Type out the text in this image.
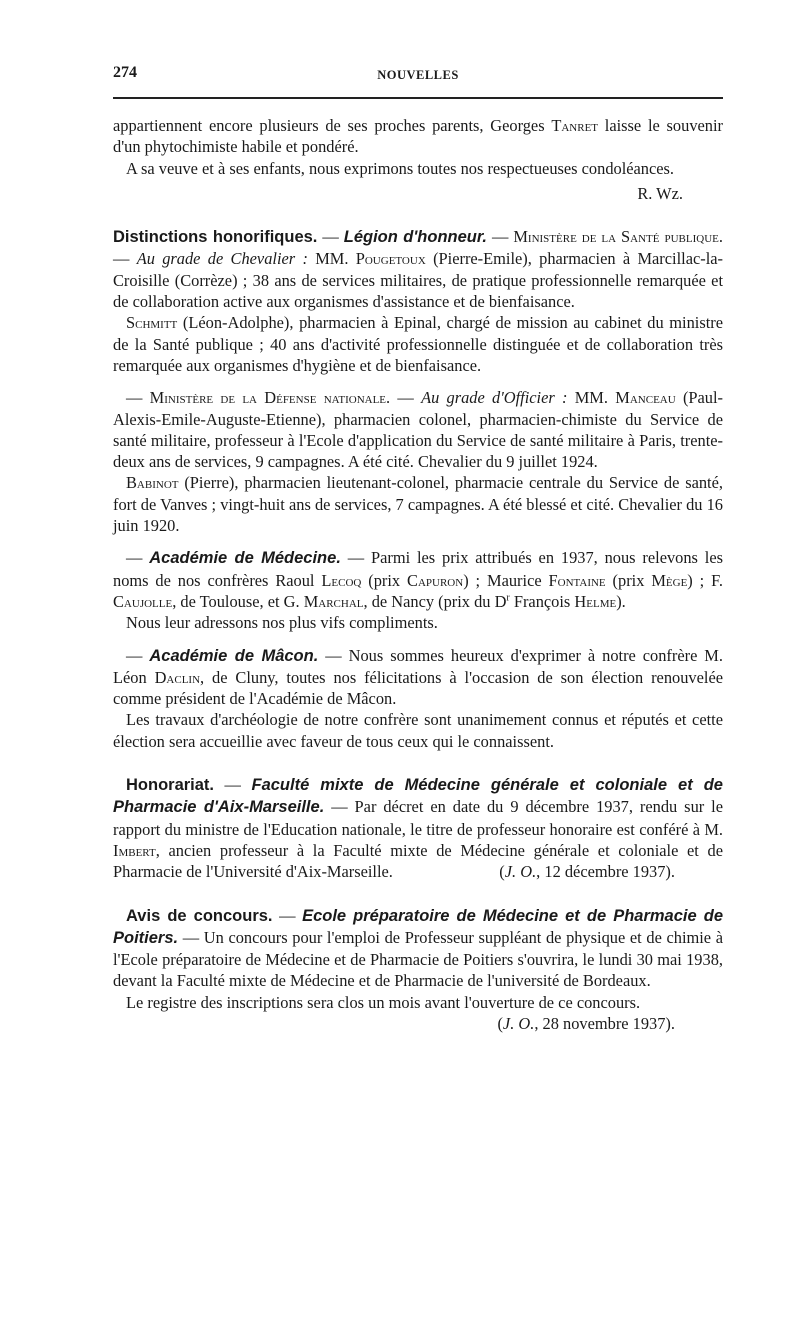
274	NOUVELLES

appartiennent encore plusieurs de ses proches parents, Georges Tanret laisse le souvenir d'un phytochimiste habile et pondéré.

A sa veuve et à ses enfants, nous exprimons toutes nos respectueuses condoléances.

R. Wz.

Distinctions honorifiques. — Légion d'honneur. — Ministère de la Santé publique. — Au grade de Chevalier : MM. Pougetoux (Pierre-Emile), pharmacien à Marcillac-la-Croisille (Corrèze) ; 38 ans de services militaires, de pratique professionnelle remarquée et de collaboration active aux organismes d'assistance et de bienfaisance.

Schmitt (Léon-Adolphe), pharmacien à Epinal, chargé de mission au cabinet du ministre de la Santé publique ; 40 ans d'activité professionnelle distinguée et de collaboration très remarquée aux organismes d'hygiène et de bienfaisance.

— Ministère de la Défense nationale. — Au grade d'Officier : MM. Manceau (Paul-Alexis-Emile-Auguste-Etienne), pharmacien colonel, pharmacien-chimiste du Service de santé militaire, professeur à l'Ecole d'application du Service de santé militaire à Paris, trente-deux ans de services, 9 campagnes. A été cité. Chevalier du 9 juillet 1924.

Babinot (Pierre), pharmacien lieutenant-colonel, pharmacie centrale du Service de santé, fort de Vanves ; vingt-huit ans de services, 7 campagnes. A été blessé et cité. Chevalier du 16 juin 1920.

— Académie de Médecine. — Parmi les prix attribués en 1937, nous relevons les noms de nos confrères Raoul Lecoq (prix Capuron) ; Maurice Fontaine (prix Mège) ; F. Caujolle, de Toulouse, et G. Marchal, de Nancy (prix du $D^r$ François Helme).

Nous leur adressons nos plus vifs compliments.

— Académie de Mâcon. — Nous sommes heureux d'exprimer à notre confrère M. Léon Daclin, de Cluny, toutes nos félicitations à l'occasion de son élection renouvelée comme président de l'Académie de Mâcon.

Les travaux d'archéologie de notre confrère sont unanimement connus et réputés et cette élection sera accueillie avec faveur de tous ceux qui le connaissent.

Honorariat. — Faculté mixte de Médecine générale et coloniale et de Pharmacie d'Aix-Marseille. — Par décret en date du 9 décembre 1937, rendu sur le rapport du ministre de l'Education nationale, le titre de professeur honoraire est conféré à M. Imbert, ancien professeur à la Faculté mixte de Médecine générale et coloniale et de Pharmacie de l'Université d'Aix-Marseille.	(J. O., 12 décembre 1937).

Avis de concours. — Ecole préparatoire de Médecine et de Pharmacie de Poitiers. — Un concours pour l'emploi de Professeur suppléant de physique et de chimie à l'Ecole préparatoire de Médecine et de Pharmacie de Poitiers s'ouvrira, le lundi 30 mai 1938, devant la Faculté mixte de Médecine et de Pharmacie de l'université de Bordeaux.

Le registre des inscriptions sera clos un mois avant l'ouverture de ce concours.
(J. O., 28 novembre 1937).
